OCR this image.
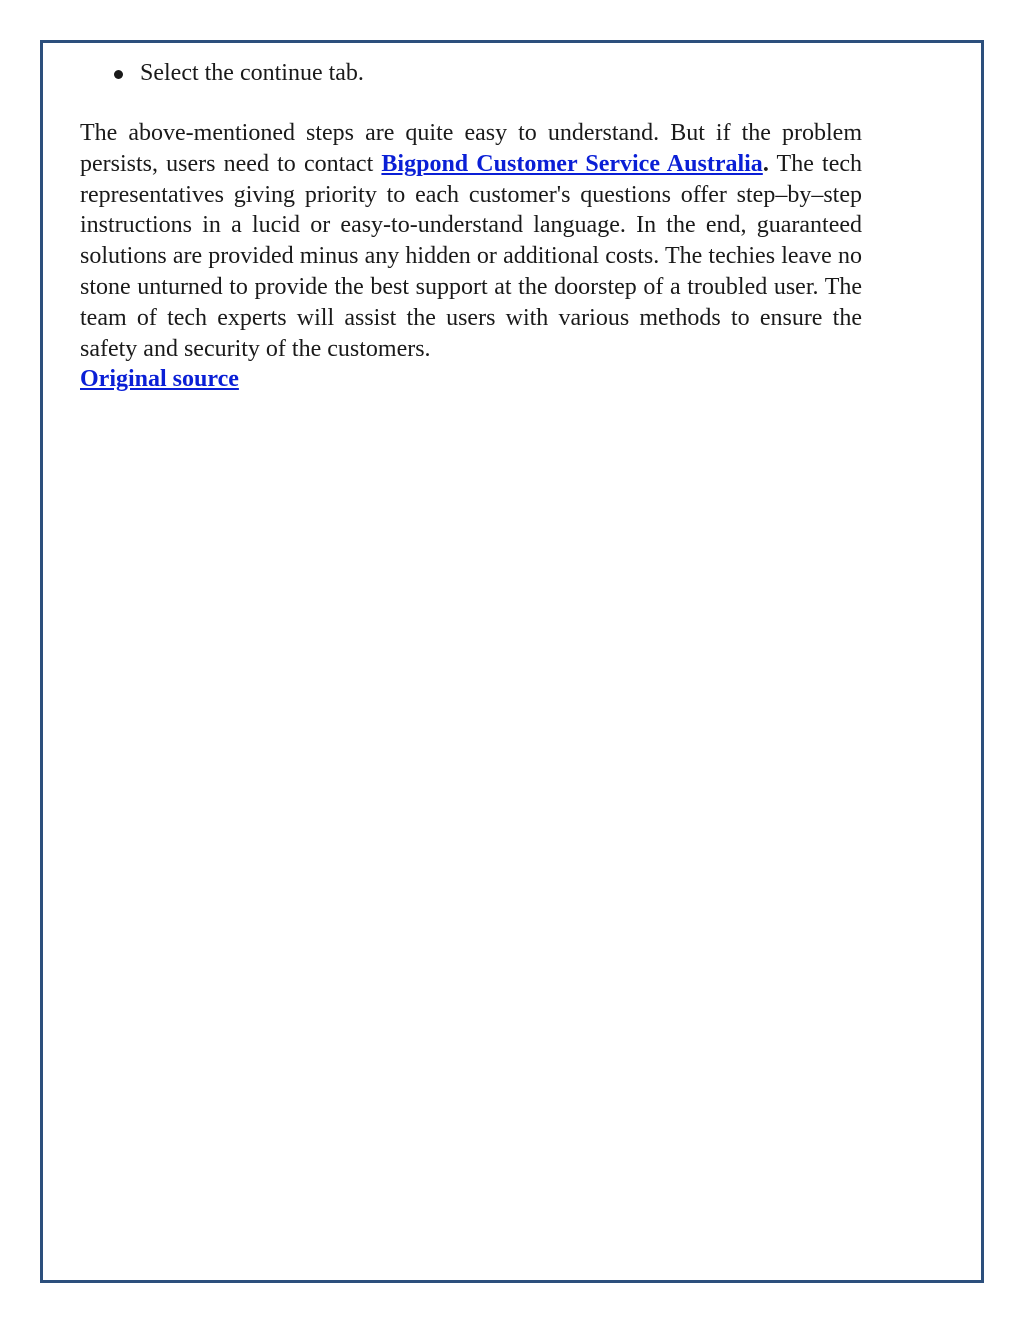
Select the continue tab.

The above-mentioned steps are quite easy to understand. But if the problem persists, users need to contact Bigpond Customer Service Australia. The tech representatives giving priority to each customer's questions offer step–by–step instructions in a lucid or easy-to-understand language. In the end, guaranteed solutions are provided minus any hidden or additional costs. The techies leave no stone unturned to provide the best support at the doorstep of a troubled user. The team of tech experts will assist the users with various methods to ensure the safety and security of the customers.

Original source
